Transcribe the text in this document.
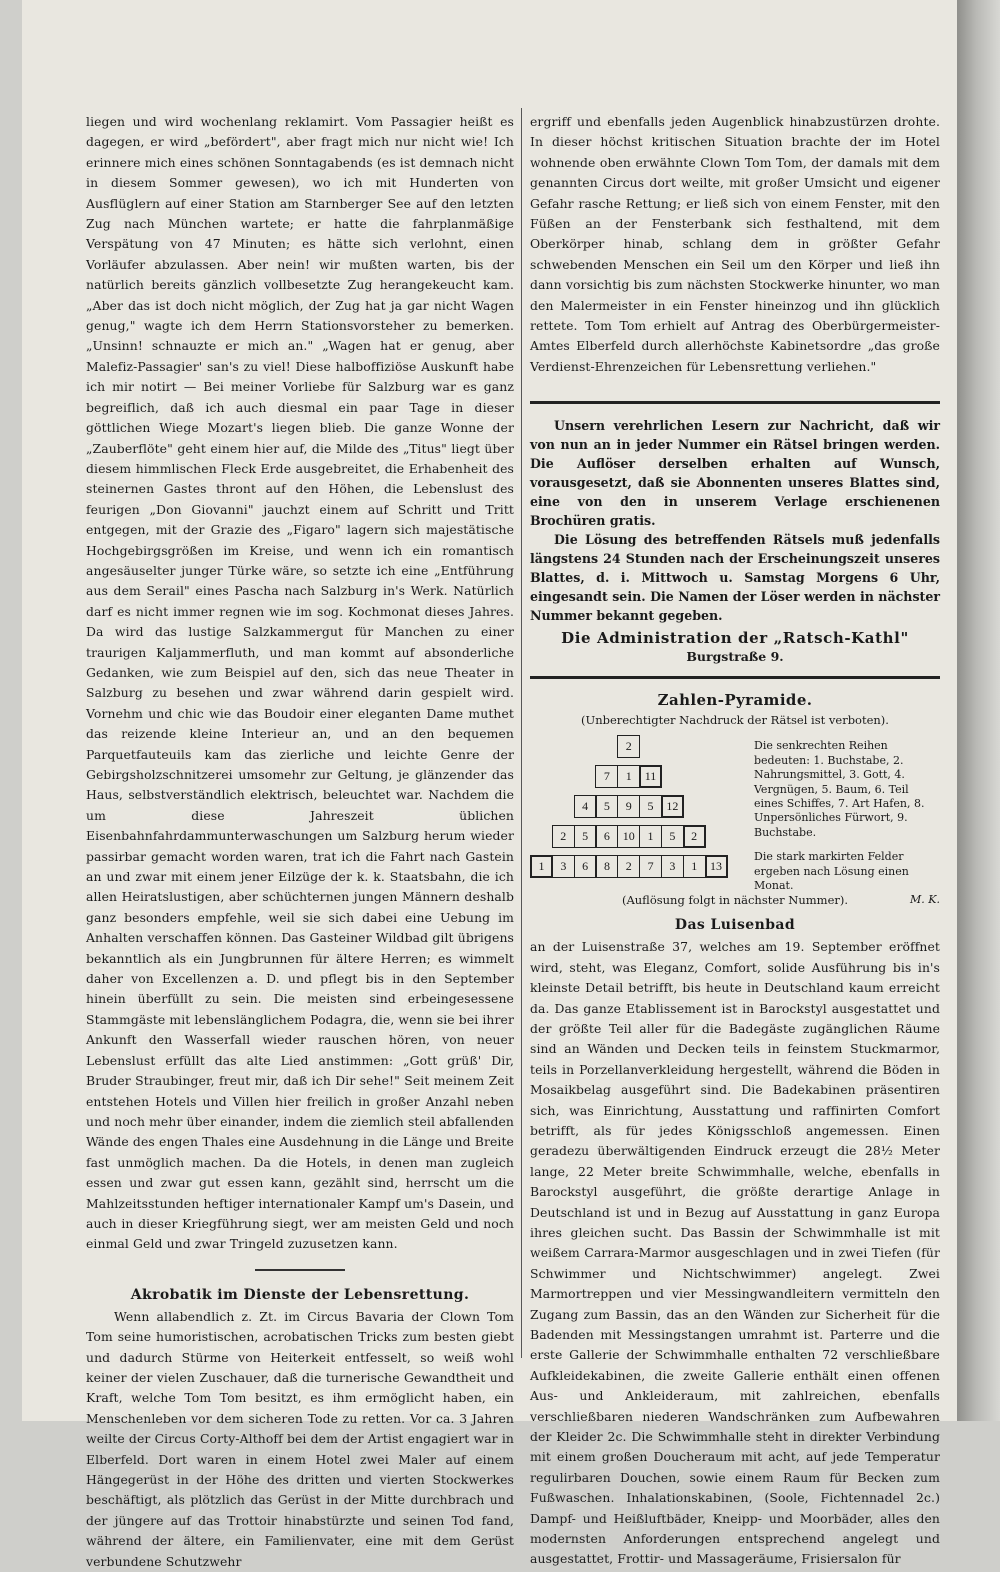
liegen und wird wochenlang reklamirt. Vom Passagier heißt es dagegen, er wird „befördert", aber fragt mich nur nicht wie! Ich erinnere mich eines schönen Sonntagabends (es ist demnach nicht in diesem Sommer gewesen), wo ich mit Hunderten von Ausflüglern auf einer Station am Starnberger See auf den letzten Zug nach München wartete; er hatte die fahrplanmäßige Verspätung von 47 Minuten; es hätte sich verlohnt, einen Vorläufer abzulassen. Aber nein! wir mußten warten, bis der natürlich bereits gänzlich vollbesetzte Zug herangekeucht kam. „Aber das ist doch nicht möglich, der Zug hat ja gar nicht Wagen genug," wagte ich dem Herrn Stationsvorsteher zu bemerken. „Unsinn! schnauzte er mich an." „Wagen hat er genug, aber Malefiz-Passagier' san's zu viel! Diese halboffiziöse Auskunft habe ich mir notirt — Bei meiner Vorliebe für Salzburg war es ganz begreiflich, daß ich auch diesmal ein paar Tage in dieser göttlichen Wiege Mozart's liegen blieb. Die ganze Wonne der „Zauberflöte" geht einem hier auf, die Milde des „Titus" liegt über diesem himmlischen Fleck Erde ausgebreitet, die Erhabenheit des steinernen Gastes thront auf den Höhen, die Lebenslust des feurigen „Don Giovanni" jauchzt einem auf Schritt und Tritt entgegen, mit der Grazie des „Figaro" lagern sich majestätische Hochgebirgsgrößen im Kreise, und wenn ich ein romantisch angesäuselter junger Türke wäre, so setzte ich eine „Entführung aus dem Serail" eines Pascha nach Salzburg in's Werk. Natürlich darf es nicht immer regnen wie im sog. Kochmonat dieses Jahres. Da wird das lustige Salzkammergut für Manchen zu einer traurigen Kaljammerfluth, und man kommt auf absonderliche Gedanken, wie zum Beispiel auf den, sich das neue Theater in Salzburg zu besehen und zwar während darin gespielt wird. Vornehm und chic wie das Boudoir einer eleganten Dame muthet das reizende kleine Interieur an, und an den bequemen Parquetfauteuils kam das zierliche und leichte Genre der Gebirgsholzschnitzerei umsomehr zur Geltung, je glänzender das Haus, selbstverständlich elektrisch, beleuchtet war. Nachdem die um diese Jahreszeit üblichen Eisenbahnfahrdammunterwaschungen um Salzburg herum wieder passirbar gemacht worden waren, trat ich die Fahrt nach Gastein an und zwar mit einem jener Eilzüge der k. k. Staatsbahn, die ich allen Heiratslustigen, aber schüchternen jungen Männern deshalb ganz besonders empfehle, weil sie sich dabei eine Uebung im Anhalten verschaffen können. Das Gasteiner Wildbad gilt übrigens bekanntlich als ein Jungbrunnen für ältere Herren; es wimmelt daher von Excellenzen a. D. und pflegt bis in den September hinein überfüllt zu sein. Die meisten sind erbeingesessene Stammgäste mit lebenslänglichem Podagra, die, wenn sie bei ihrer Ankunft den Wasserfall wieder rauschen hören, von neuer Lebenslust erfüllt das alte Lied anstimmen: „Gott grüß' Dir, Bruder Straubinger, freut mir, daß ich Dir sehe!" Seit meinem Zeit entstehen Hotels und Villen hier freilich in großer Anzahl neben und noch mehr über einander, indem die ziemlich steil abfallenden Wände des engen Thales eine Ausdehnung in die Länge und Breite fast unmöglich machen. Da die Hotels, in denen man zugleich essen und zwar gut essen kann, gezählt sind, herrscht um die Mahlzeitsstunden heftiger internationaler Kampf um's Dasein, und auch in dieser Kriegführung siegt, wer am meisten Geld und noch einmal Geld und zwar Tringeld zuzusetzen kann.

Akrobatik im Dienste der Lebensrettung.

Wenn allabendlich z. Zt. im Circus Bavaria der Clown Tom Tom seine humoristischen, acrobatischen Tricks zum besten giebt und dadurch Stürme von Heiterkeit entfesselt, so weiß wohl keiner der vielen Zuschauer, daß die turnerische Gewandtheit und Kraft, welche Tom Tom besitzt, es ihm ermöglicht haben, ein Menschenleben vor dem sicheren Tode zu retten. Vor ca. 3 Jahren weilte der Circus Corty-Althoff bei dem der Artist engagiert war in Elberfeld. Dort waren in einem Hotel zwei Maler auf einem Hängegerüst in der Höhe des dritten und vierten Stockwerkes beschäftigt, als plötzlich das Gerüst in der Mitte durchbrach und der jüngere auf das Trottoir hinabstürzte und seinen Tod fand, während der ältere, ein Familienvater, eine mit dem Gerüst verbundene Schutzwehr

ergriff und ebenfalls jeden Augenblick hinabzustürzen drohte. In dieser höchst kritischen Situation brachte der im Hotel wohnende oben erwähnte Clown Tom Tom, der damals mit dem genannten Circus dort weilte, mit großer Umsicht und eigener Gefahr rasche Rettung; er ließ sich von einem Fenster, mit den Füßen an der Fensterbank sich festhaltend, mit dem Oberkörper hinab, schlang dem in größter Gefahr schwebenden Menschen ein Seil um den Körper und ließ ihn dann vorsichtig bis zum nächsten Stockwerke hinunter, wo man den Malermeister in ein Fenster hineinzog und ihn glücklich rettete. Tom Tom erhielt auf Antrag des Oberbürgermeister-Amtes Elberfeld durch allerhöchste Kabinetsordre „das große Verdienst-Ehrenzeichen für Lebensrettung verliehen."

Unsern verehrlichen Lesern zur Nachricht, daß wir von nun an in jeder Nummer ein Rätsel bringen werden. Die Auflöser derselben erhalten auf Wunsch, vorausgesetzt, daß sie Abonnenten unseres Blattes sind, eine von den in unserem Verlage erschienenen Brochüren gratis.

Die Lösung des betreffenden Rätsels muß jedenfalls längstens 24 Stunden nach der Erscheinungszeit unseres Blattes, d. i. Mittwoch u. Samstag Morgens 6 Uhr, eingesandt sein. Die Namen der Löser werden in nächster Nummer bekannt gegeben.

Die Administration der „Ratsch-Kathl"
Burgstraße 9.
Zahlen-Pyramide.
(Unberechtigter Nachdruck der Rätsel ist verboten).
2
7	1	11
4	5	9	5	12
2	5	6	10	1	5	2
1	3	6	8	2	7	3	1	13
Die senkrechten Reihen bedeuten: 1. Buchstabe, 2. Nahrungsmittel, 3. Gott, 4. Vergnügen, 5. Baum, 6. Teil eines Schiffes, 7. Art Hafen, 8. Unpersönliches Fürwort, 9. Buchstabe.
Die stark markirten Felder ergeben nach Lösung einen Monat.
M. K.
(Auflösung folgt in nächster Nummer).
Das Luisenbad

an der Luisenstraße 37, welches am 19. September eröffnet wird, steht, was Eleganz, Comfort, solide Ausführung bis in's kleinste Detail betrifft, bis heute in Deutschland kaum erreicht da. Das ganze Etablissement ist in Barockstyl ausgestattet und der größte Teil aller für die Badegäste zugänglichen Räume sind an Wänden und Decken teils in feinstem Stuckmarmor, teils in Porzellanverkleidung hergestellt, während die Böden in Mosaikbelag ausgeführt sind. Die Badekabinen präsentiren sich, was Einrichtung, Ausstattung und raffinirten Comfort betrifft, als für jedes Königsschloß angemessen. Einen geradezu überwältigenden Eindruck erzeugt die 28½ Meter lange, 22 Meter breite Schwimmhalle, welche, ebenfalls in Barockstyl ausgeführt, die größte derartige Anlage in Deutschland ist und in Bezug auf Ausstattung in ganz Europa ihres gleichen sucht. Das Bassin der Schwimmhalle ist mit weißem Carrara-Marmor ausgeschlagen und in zwei Tiefen (für Schwimmer und Nichtschwimmer) angelegt. Zwei Marmortreppen und vier Messingwandleitern vermitteln den Zugang zum Bassin, das an den Wänden zur Sicherheit für die Badenden mit Messingstangen umrahmt ist. Parterre und die erste Gallerie der Schwimmhalle enthalten 72 verschließbare Aufkleidekabinen, die zweite Gallerie enthält einen offenen Aus- und Ankleideraum, mit zahlreichen, ebenfalls verschließbaren niederen Wandschränken zum Aufbewahren der Kleider 2c. Die Schwimmhalle steht in direkter Verbindung mit einem großen Doucheraum mit acht, auf jede Temperatur regulirbaren Douchen, sowie einem Raum für Becken zum Fußwaschen. Inhalationskabinen, (Soole, Fichtennadel 2c.) Dampf- und Heißluftbäder, Kneipp- und Moorbäder, alles den modernsten Anforderungen entsprechend angelegt und ausgestattet, Frottir- und Massageräume, Frisiersalon für
